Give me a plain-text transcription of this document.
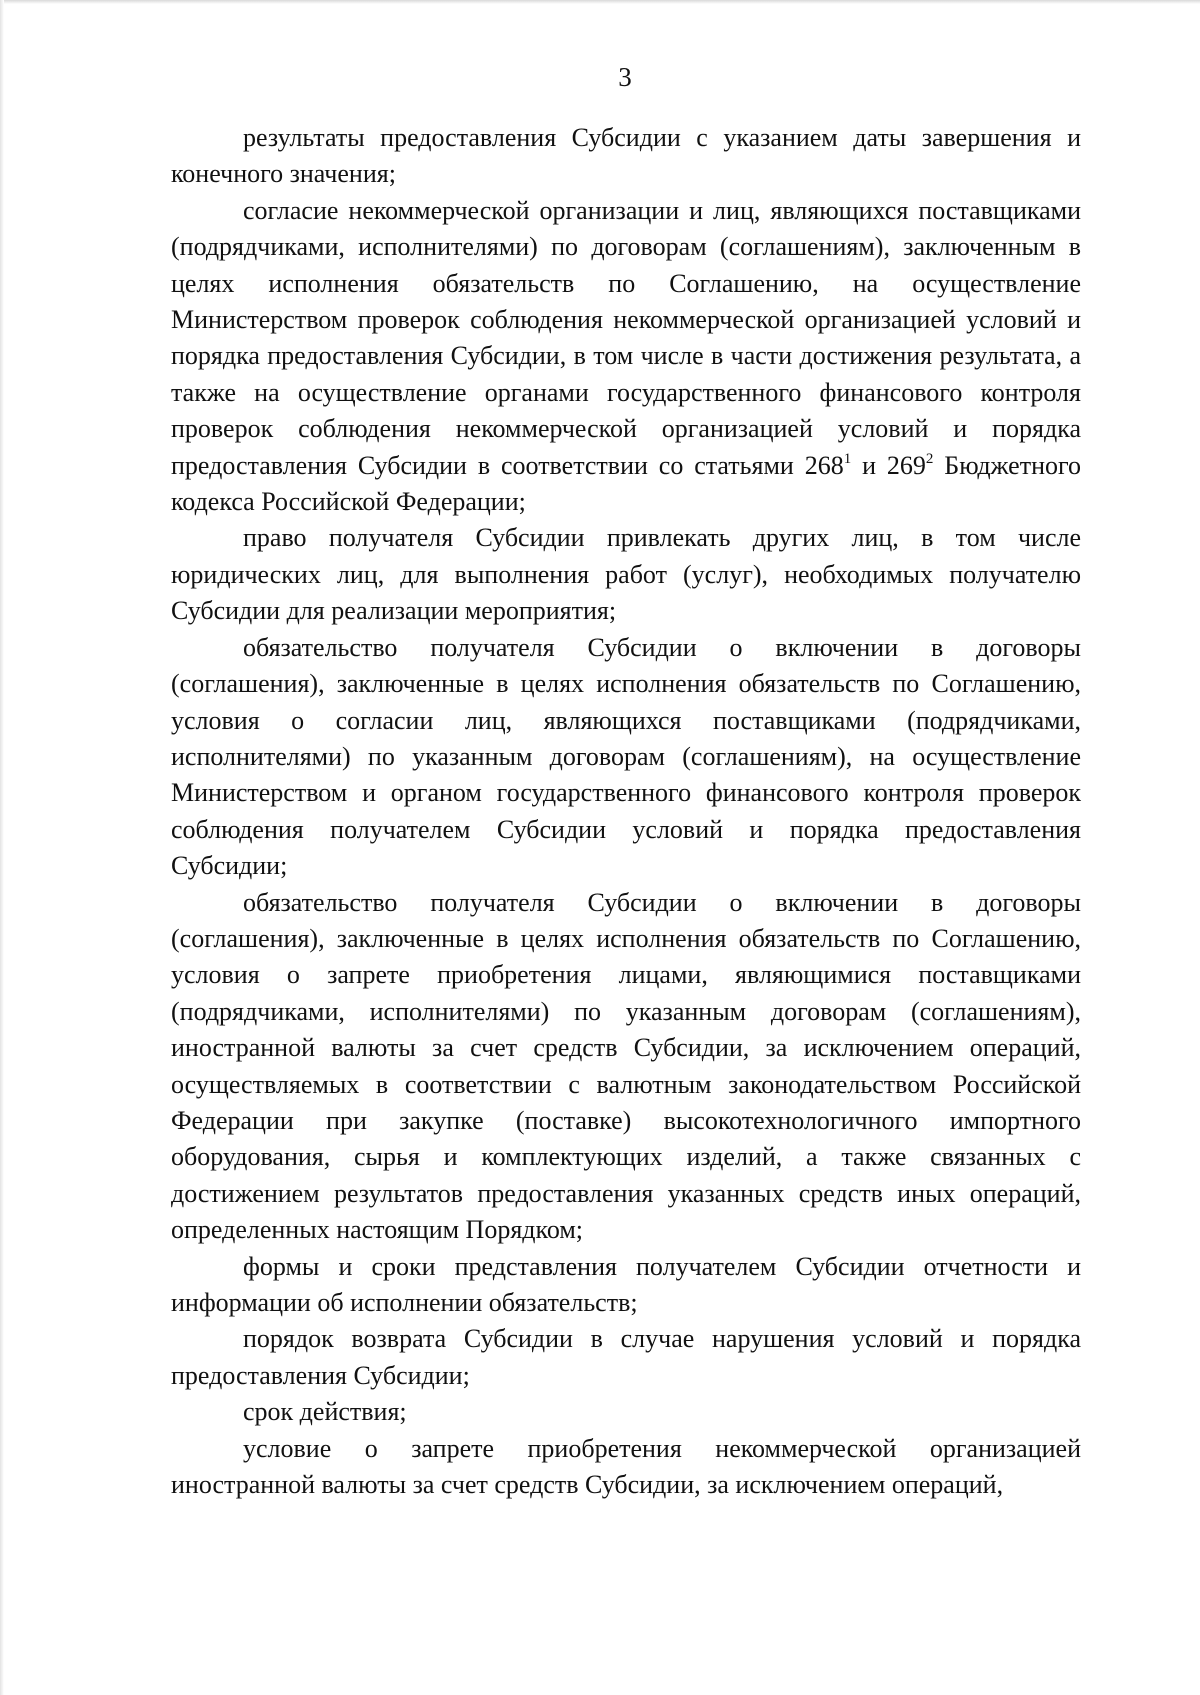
3

результаты предоставления Субсидии с указанием даты завершения и конечного значения;

согласие некоммерческой организации и лиц, являющихся поставщиками (подрядчиками, исполнителями) по договорам (соглашениям), заключенным в целях исполнения обязательств по Соглашению, на осуществление Министерством проверок соблюдения некоммерческой организацией условий и порядка предоставления Субсидии, в том числе в части достижения результата, а также на осуществление органами государственного финансового контроля проверок соблюдения некоммерческой организацией условий и порядка предоставления Субсидии в соответствии со статьями $268^1$ и $269^2$ Бюджетного кодекса Российской Федерации;

право получателя Субсидии привлекать других лиц, в том числе юридических лиц, для выполнения работ (услуг), необходимых получателю Субсидии для реализации мероприятия;

обязательство получателя Субсидии о включении в договоры (соглашения), заключенные в целях исполнения обязательств по Соглашению, условия о согласии лиц, являющихся поставщиками (подрядчиками, исполнителями) по указанным договорам (соглашениям), на осуществление Министерством и органом государственного финансового контроля проверок соблюдения получателем Субсидии условий и порядка предоставления Субсидии;

обязательство получателя Субсидии о включении в договоры (соглашения), заключенные в целях исполнения обязательств по Соглашению, условия о запрете приобретения лицами, являющимися поставщиками (подрядчиками, исполнителями) по указанным договорам (соглашениям), иностранной валюты за счет средств Субсидии, за исключением операций, осуществляемых в соответствии с валютным законодательством Российской Федерации при закупке (поставке) высокотехнологичного импортного оборудования, сырья и комплектующих изделий, а также связанных с достижением результатов предоставления указанных средств иных операций, определенных настоящим Порядком;

формы и сроки представления получателем Субсидии отчетности и информации об исполнении обязательств;

порядок возврата Субсидии в случае нарушения условий и порядка предоставления Субсидии;

срок действия;

условие о запрете приобретения некоммерческой организацией иностранной валюты за счет средств Субсидии, за исключением операций,
